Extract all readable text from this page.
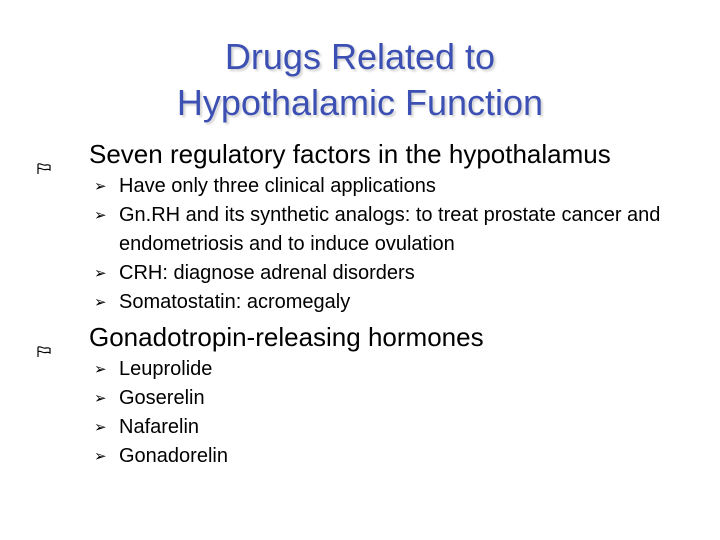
Drugs Related to
Hypothalamic Function
Seven regulatory factors in the hypothalamus
➢ Have only three clinical applications
➢ Gn.RH and its synthetic analogs: to treat prostate cancer and endometriosis and to induce ovulation
➢ CRH: diagnose adrenal disorders
➢ Somatostatin: acromegaly
Gonadotropin-releasing hormones
➢ Leuprolide
➢ Goserelin
➢ Nafarelin
➢ Gonadorelin
